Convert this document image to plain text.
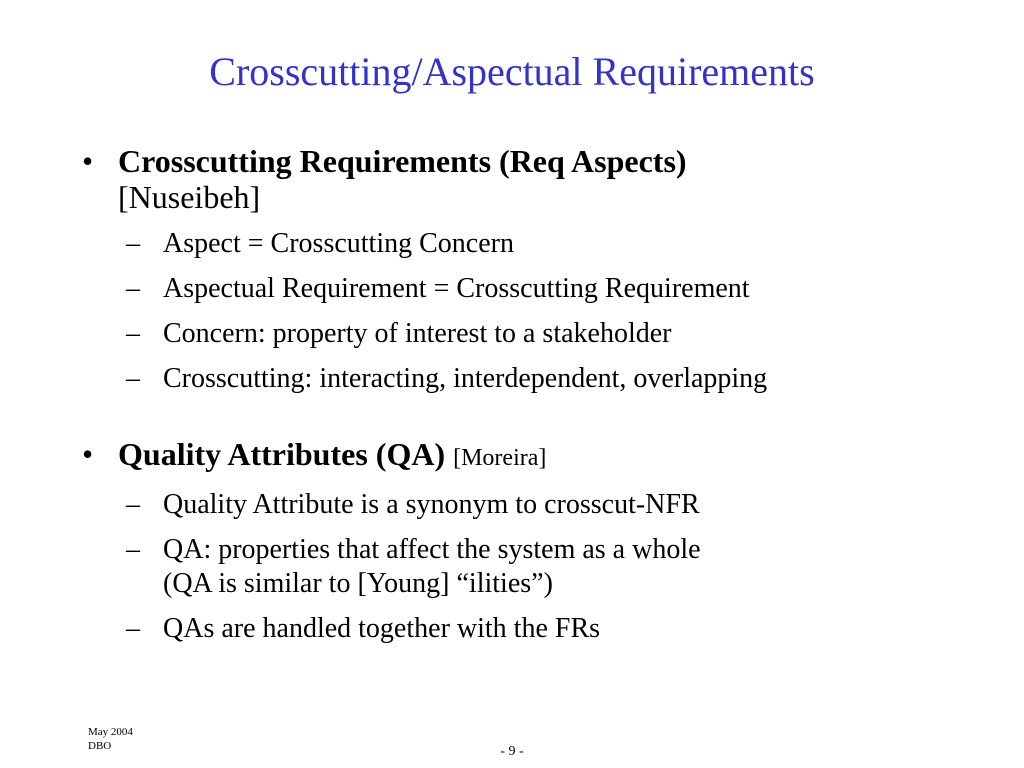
Crosscutting/Aspectual Requirements
• Crosscutting Requirements (Req Aspects)
[Nuseibeh]
– Aspect = Crosscutting Concern
– Aspectual Requirement = Crosscutting Requirement
– Concern: property of interest to a stakeholder
– Crosscutting: interacting, interdependent, overlapping
• Quality Attributes (QA) [Moreira]
– Quality Attribute is a synonym to crosscut-NFR
– QA: properties that affect the system as a whole
(QA is similar to [Young] “ilities”)
– QAs are handled together with the FRs
May 2004
DBO	- 9 -
